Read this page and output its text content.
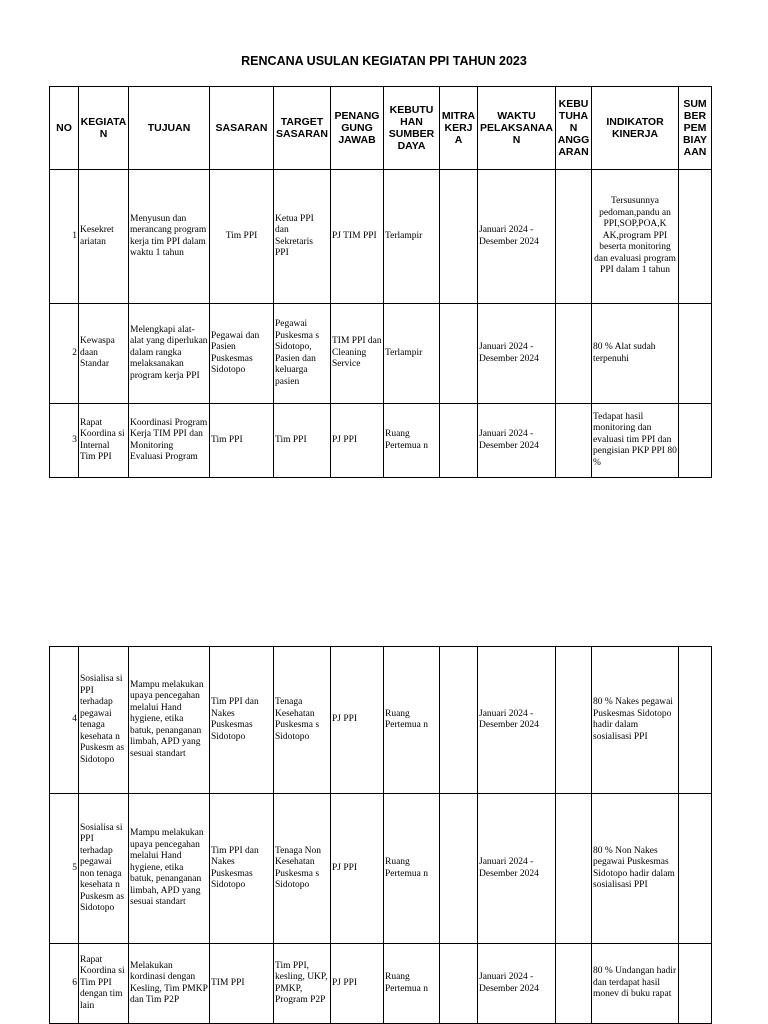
RENCANA USULAN KEGIATAN PPI TAHUN 2023
NO	KEGIATA N	TUJUAN	SASARAN	TARGET SASARAN	PENANG GUNG JAWAB	KEBUTU HAN SUMBER DAYA	MITRA KERJ A	WAKTU PELAKSANAA N	KEBU TUHA N ANGG ARAN	INDIKATOR KINERJA	SUM BER PEM BIAY AAN
1	Kesekret ariatan	Menyusun dan merancang program kerja tim PPI dalam waktu 1 tahun	Tim PPI	Ketua PPI dan Sekretaris PPI	PJ TIM PPI	Terlampir		Januari 2024 - Desember 2024		Tersusunnya pedoman,pandu an PPI,SOP,POA,K AK,program PPI beserta monitoring dan evaluasi program PPI dalam 1 tahun	
2	Kewaspa daan Standar	Melengkapi alat-alat yang diperlukan dalam rangka melaksanakan program kerja PPI	Pegawai dan Pasien Puskesmas Sidotopo	Pegawai Puskesma s Sidotopo, Pasien dan keluarga pasien	TIM PPI dan Cleaning Service	Terlampir		Januari 2024 - Desember 2024		80 % Alat sudah terpenuhi	
3	Rapat Koordina si Internal Tim PPI	Koordinasi Program Kerja TIM PPI dan Monitoring Evaluasi Program	Tim PPI	Tim PPI	PJ PPI	Ruang Pertemua n		Januari 2024 - Desember 2024		Tedapat hasil monitoring dan evaluasi tim PPI dan pengisian PKP PPI 80 %	
4	Sosialisa si PPI terhadap pegawai tenaga kesehata n Puskesm as Sidotopo	Mampu melakukan upaya pencegahan melalui Hand hygiene, etika batuk, penanganan limbah, APD yang sesuai standart	Tim PPI dan Nakes Puskesmas Sidotopo	Tenaga Kesehatan Puskesma s Sidotopo	PJ PPI	Ruang Pertemua n		Januari 2024 - Desember 2024		80 % Nakes pegawai Puskesmas Sidotopo hadir dalam sosialisasi PPI	
5	Sosialisa si PPI terhadap pegawai non tenaga kesehata n Puskesm as Sidotopo	Mampu melakukan upaya pencegahan melalui Hand hygiene, etika batuk, penanganan limbah, APD yang sesuai standart	Tim PPI dan Nakes Puskesmas Sidotopo	Tenaga Non Kesehatan Puskesma s Sidotopo	PJ PPI	Ruang Pertemua n		Januari 2024 - Desember 2024		80 % Non Nakes pegawai Puskesmas Sidotopo hadir dalam sosialisasi PPI	
6	Rapat Koordina si Tim PPI dengan tim lain	Melakukan kordinasi dengan Kesling, Tim PMKP dan Tim P2P	TIM PPI	Tim PPI, kesling, UKP, PMKP, Program P2P	PJ PPI	Ruang Pertemua n		Januari 2024 - Desember 2024		80 % Undangan hadir dan terdapat hasil monev di buku rapat	
